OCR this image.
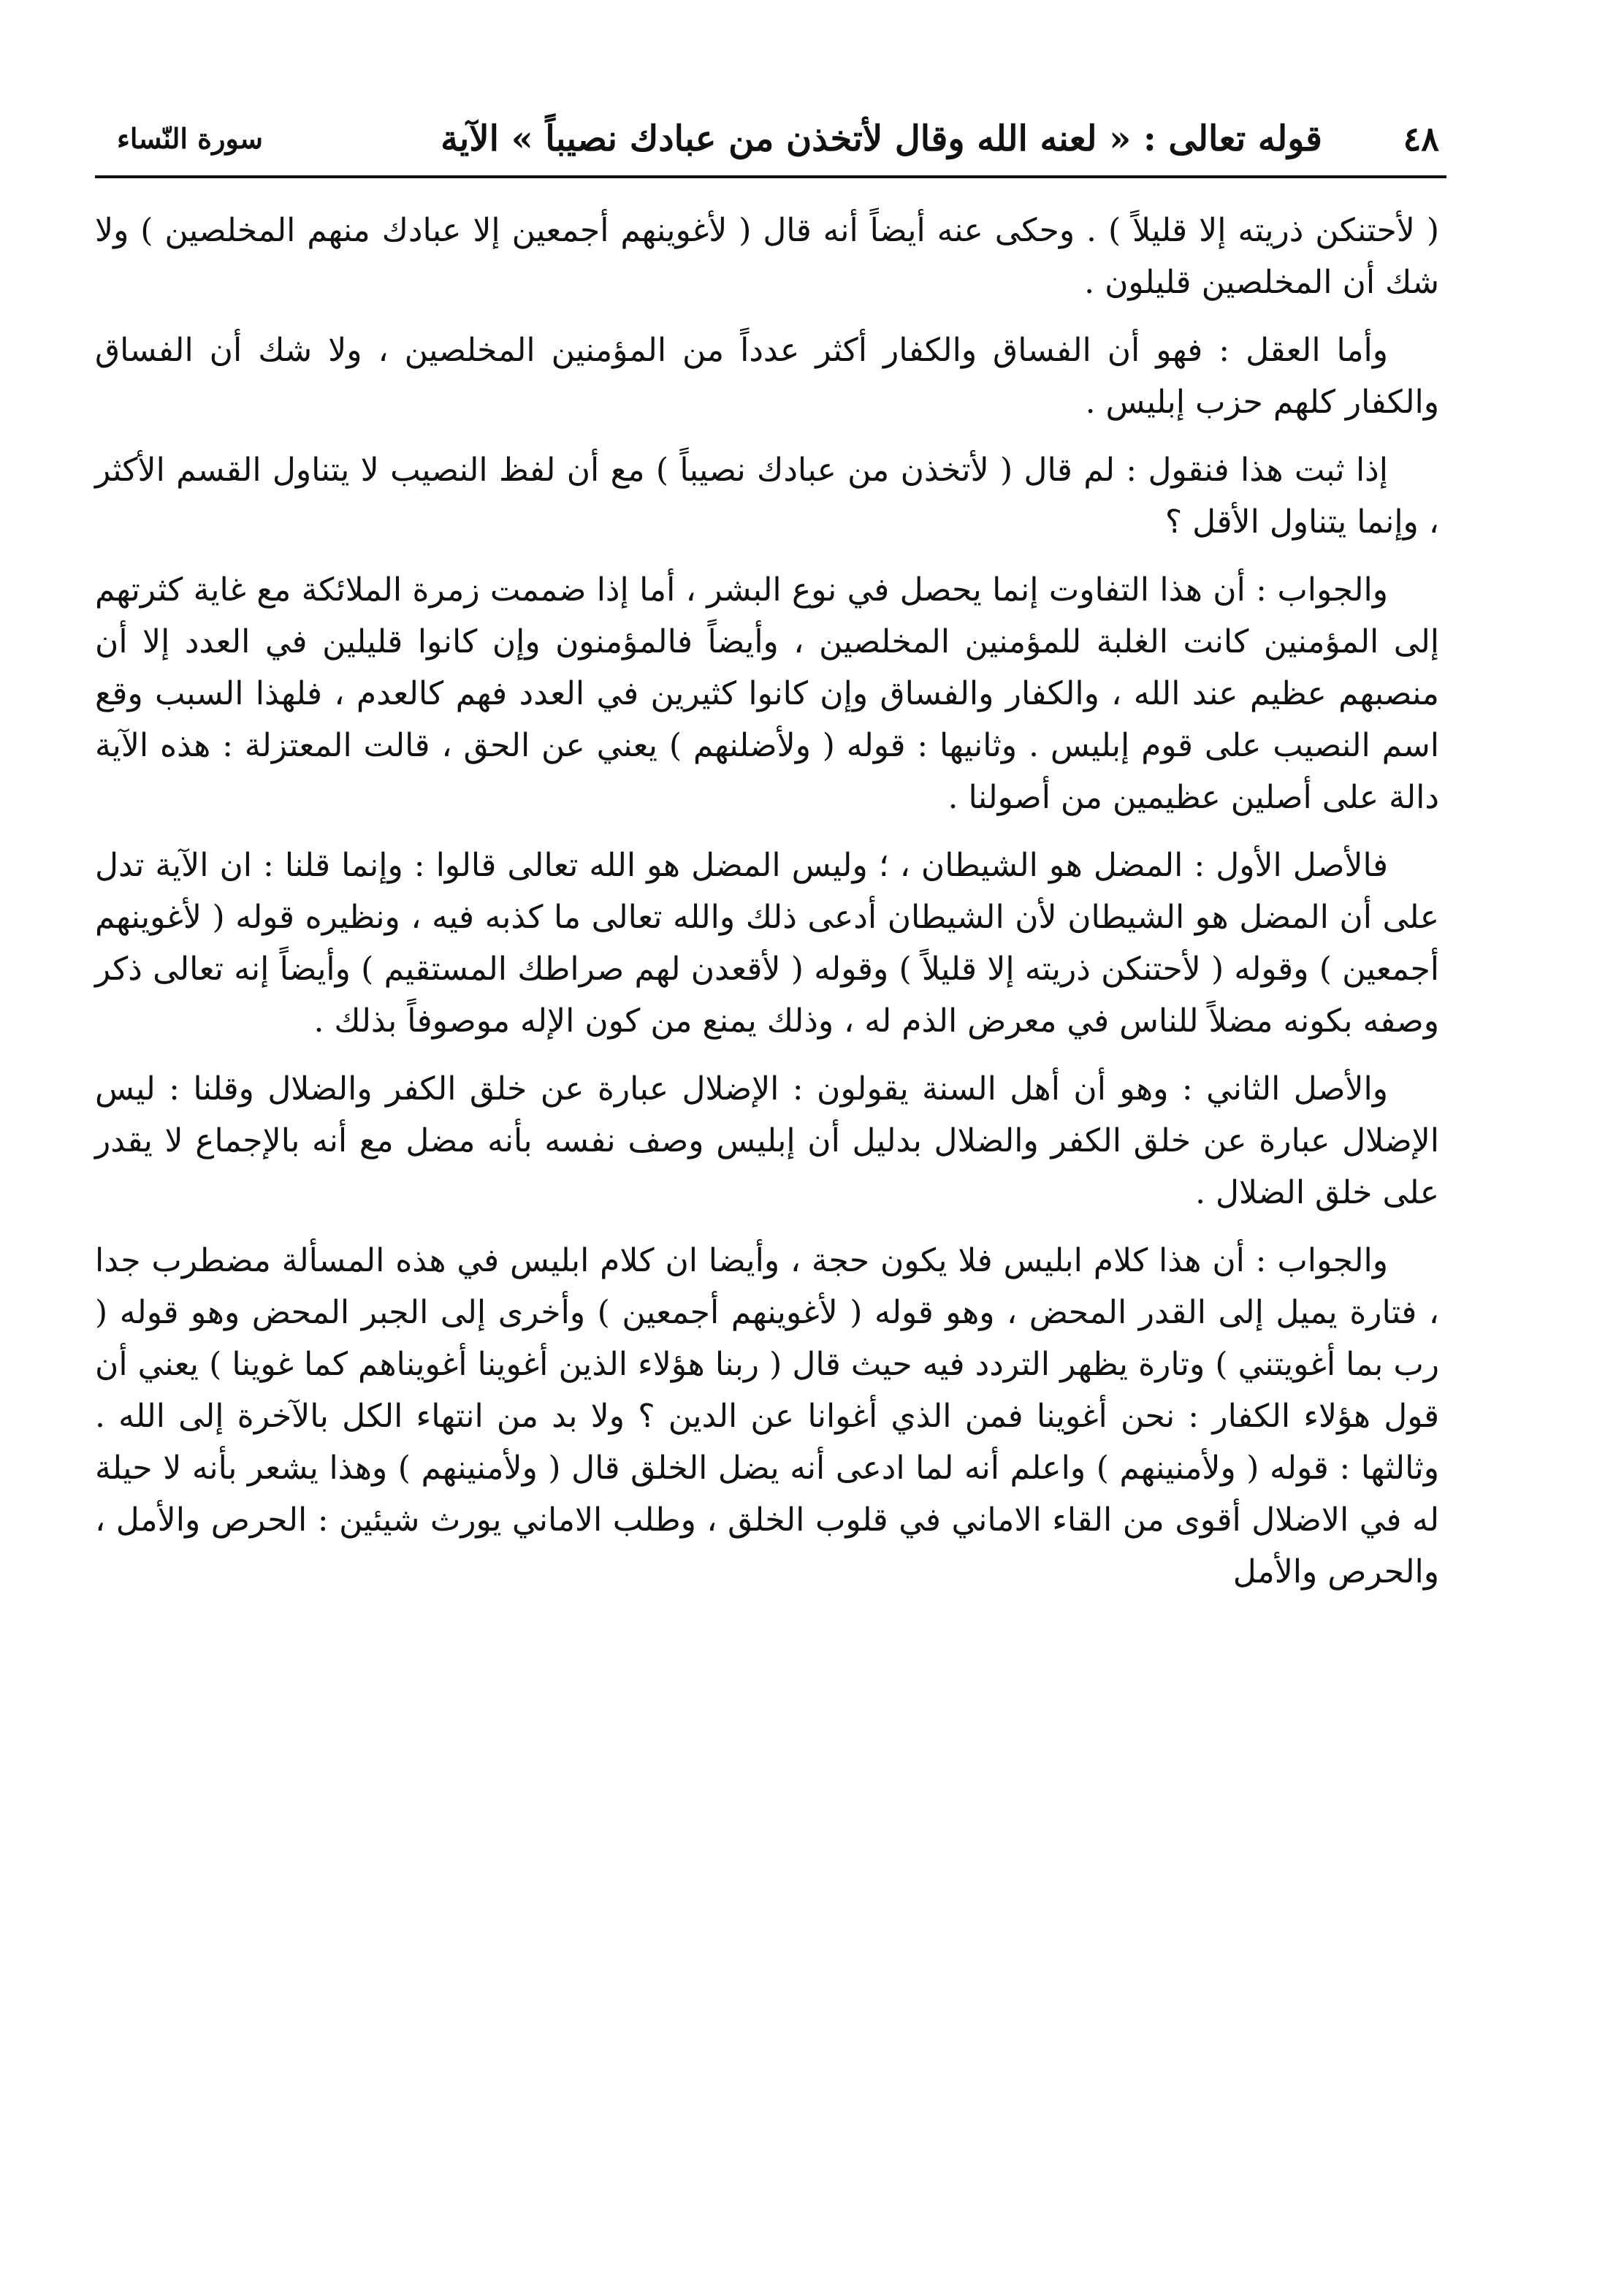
٤٨
قوله تعالى : « لعنه الله وقال لأتخذن من عبادك نصيباً » الآية
سورة النّساء

( لأحتنكن ذريته إلا قليلاً ) . وحكى عنه أيضاً أنه قال ( لأغوينهم أجمعين إلا عبادك منهم المخلصين ) ولا شك أن المخلصين قليلون .

وأما العقل : فهو أن الفساق والكفار أكثر عدداً من المؤمنين المخلصين ، ولا شك أن الفساق والكفار كلهم حزب إبليس .

إذا ثبت هذا فنقول : لم قال ( لأتخذن من عبادك نصيباً ) مع أن لفظ النصيب لا يتناول القسم الأكثر ، وإنما يتناول الأقل ؟

والجواب : أن هذا التفاوت إنما يحصل في نوع البشر ، أما إذا ضممت زمرة الملائكة مع غاية كثرتهم إلى المؤمنين كانت الغلبة للمؤمنين المخلصين ، وأيضاً فالمؤمنون وإن كانوا قليلين في العدد إلا أن منصبهم عظيم عند الله ، والكفار والفساق وإن كانوا كثيرين في العدد فهم كالعدم ، فلهذا السبب وقع اسم النصيب على قوم إبليس . وثانيها : قوله ( ولأضلنهم ) يعني عن الحق ، قالت المعتزلة : هذه الآية دالة على أصلين عظيمين من أصولنا .

فالأصل الأول : المضل هو الشيطان ، ؛ وليس المضل هو الله تعالى قالوا : وإنما قلنا : ان الآية تدل على أن المضل هو الشيطان لأن الشيطان أدعى ذلك والله تعالى ما كذبه فيه ، ونظيره قوله ( لأغوينهم أجمعين ) وقوله ( لأحتنكن ذريته إلا قليلاً ) وقوله ( لأقعدن لهم صراطك المستقيم ) وأيضاً إنه تعالى ذكر وصفه بكونه مضلاً للناس في معرض الذم له ، وذلك يمنع من كون الإله موصوفاً بذلك .

والأصل الثاني : وهو أن أهل السنة يقولون : الإضلال عبارة عن خلق الكفر والضلال وقلنا : ليس الإضلال عبارة عن خلق الكفر والضلال بدليل أن إبليس وصف نفسه بأنه مضل مع أنه بالإجماع لا يقدر على خلق الضلال .

والجواب : أن هذا كلام ابليس فلا يكون حجة ، وأيضا ان كلام ابليس في هذه المسألة مضطرب جدا ، فتارة يميل إلى القدر المحض ، وهو قوله ( لأغوينهم أجمعين ) وأخرى إلى الجبر المحض وهو قوله ( رب بما أغويتني ) وتارة يظهر التردد فيه حيث قال ( ربنا هؤلاء الذين أغوينا أغويناهم كما غوينا ) يعني أن قول هؤلاء الكفار : نحن أغوينا فمن الذي أغوانا عن الدين ؟ ولا بد من انتهاء الكل بالآخرة إلى الله . وثالثها : قوله ( ولأمنينهم ) واعلم أنه لما ادعى أنه يضل الخلق قال ( ولأمنينهم ) وهذا يشعر بأنه لا حيلة له في الاضلال أقوى من القاء الاماني في قلوب الخلق ، وطلب الاماني يورث شيئين : الحرص والأمل ، والحرص والأمل
